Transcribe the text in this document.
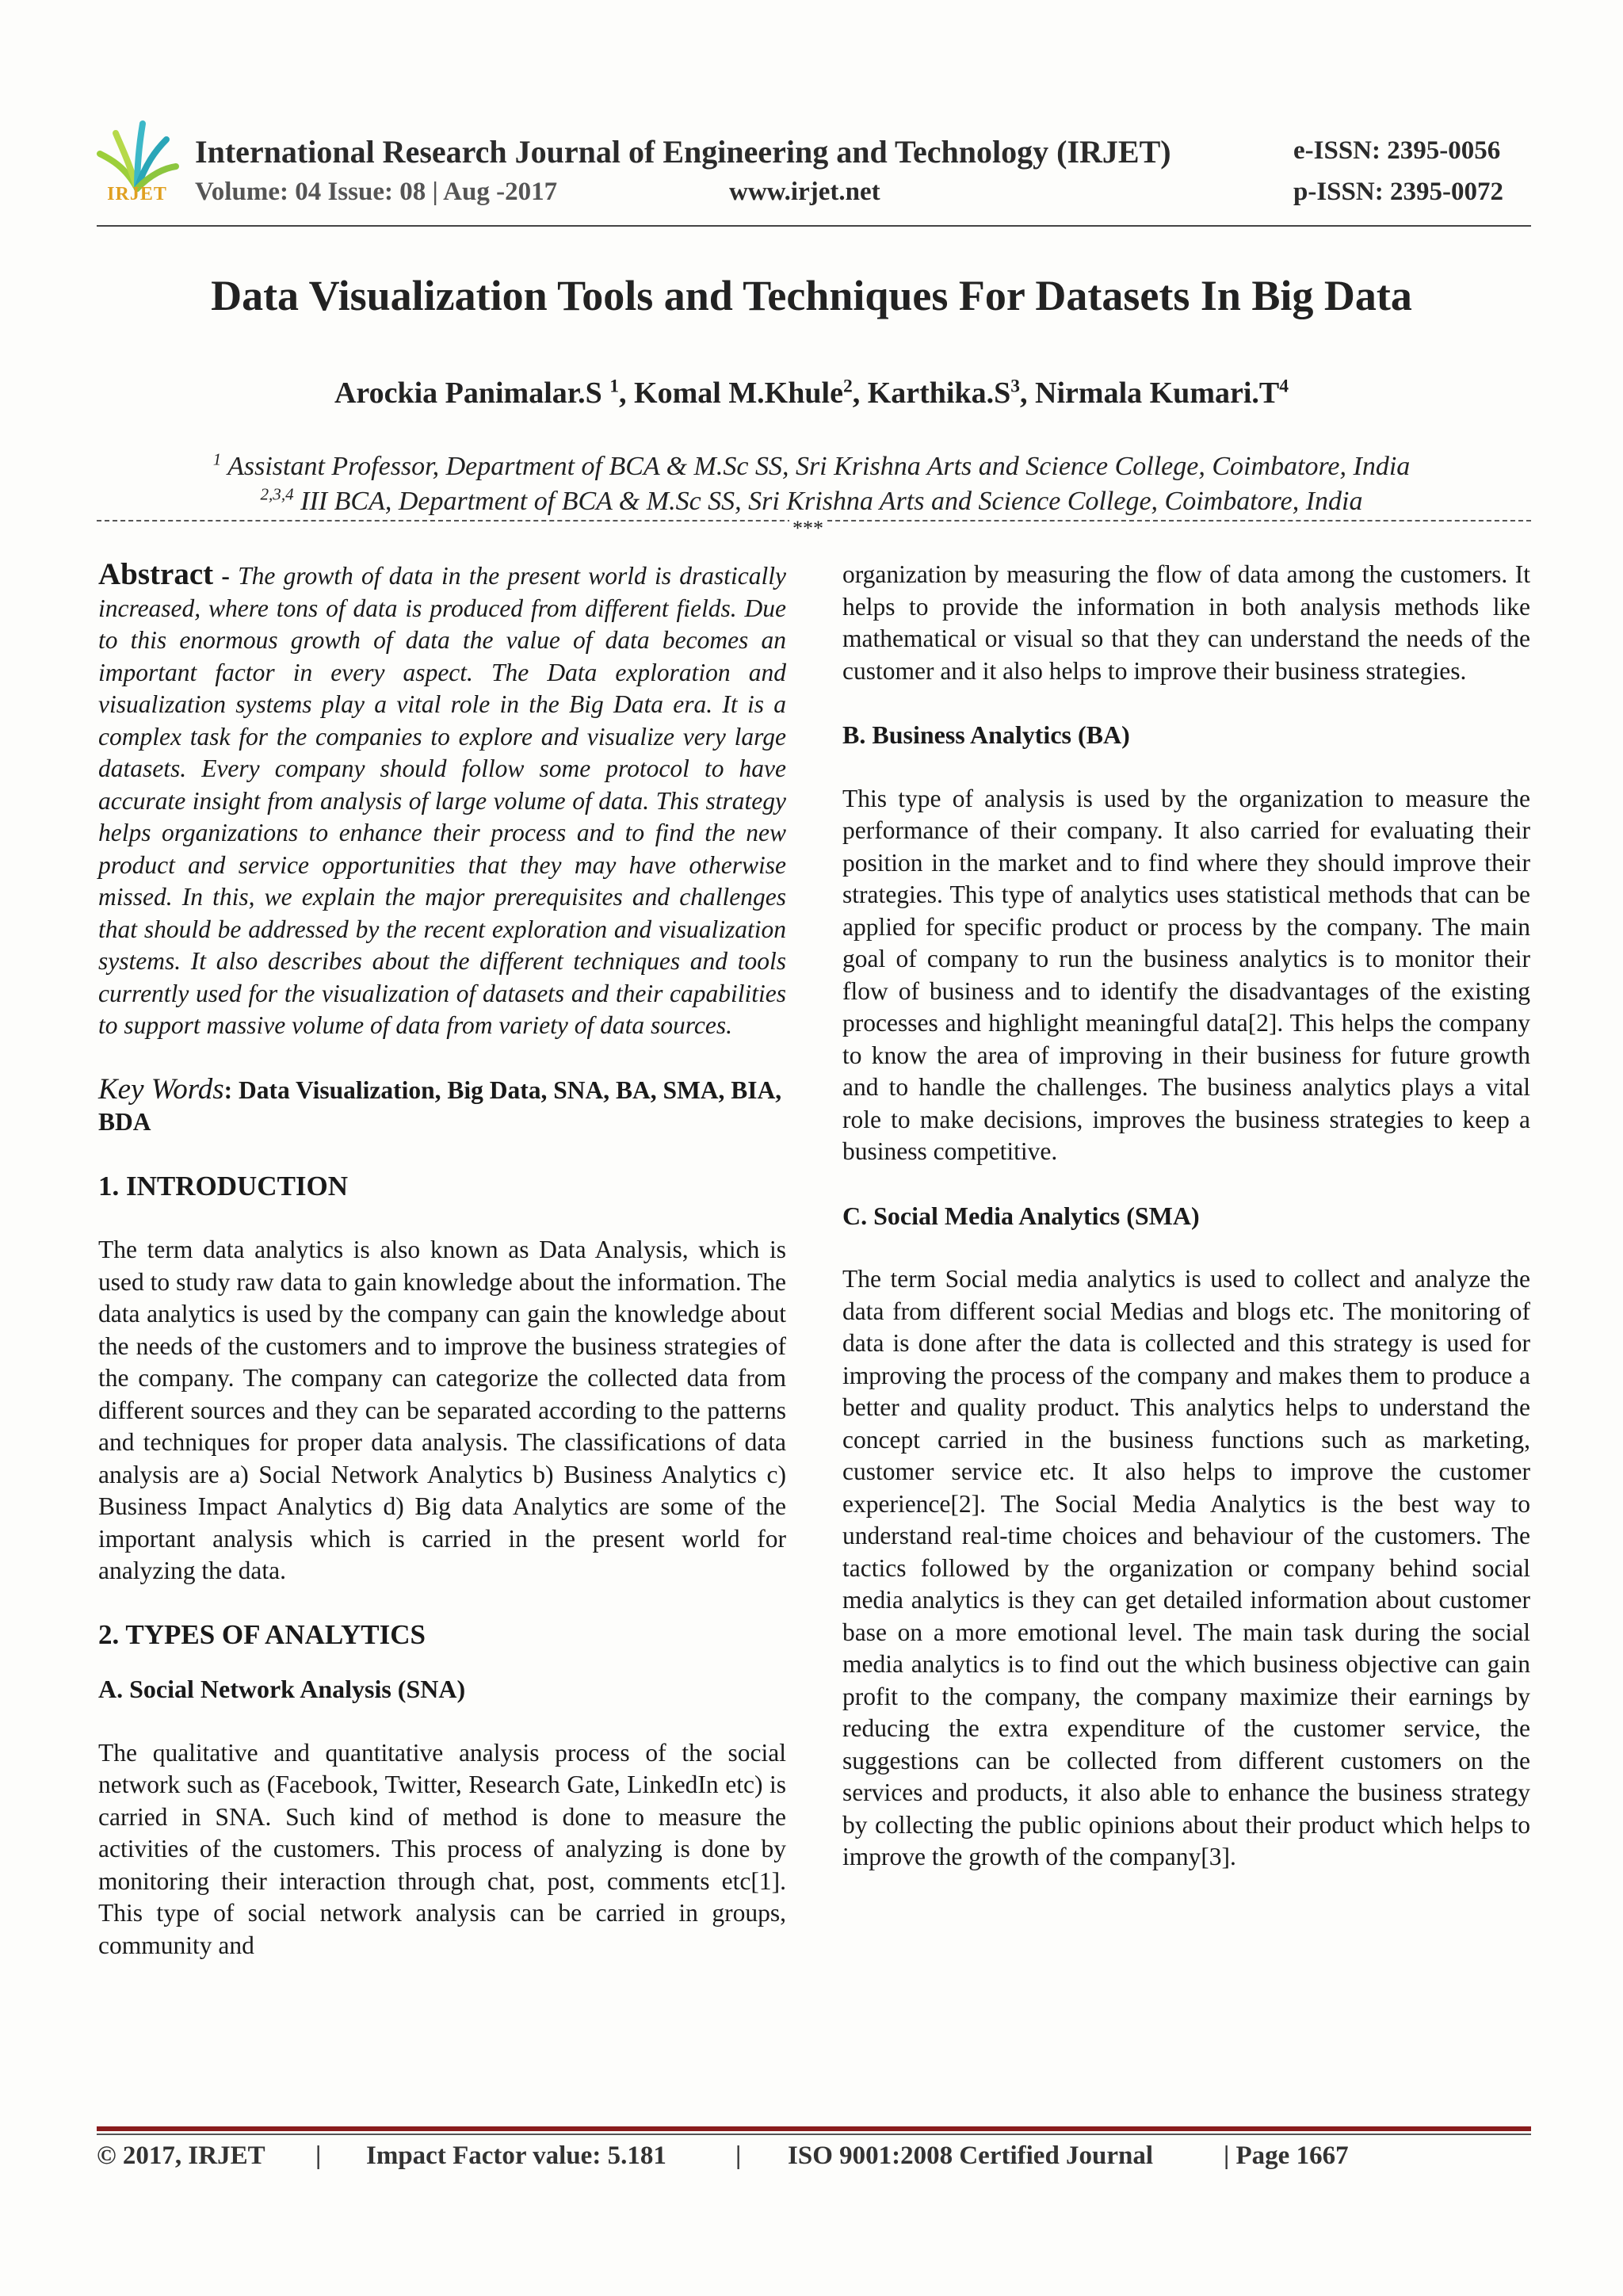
IRJET
International Research Journal of Engineering and Technology (IRJET)
Volume: 04 Issue: 08 | Aug -2017	www.irjet.net
e-ISSN: 2395-0056
p-ISSN: 2395-0072
Data Visualization Tools and Techniques For Datasets In Big Data
Arockia Panimalar.S $^1$, Komal M.Khule$^2$, $Karthika.S^3$, Nirmala $Kumari.T^4$
$^1$ Assistant Professor, Department of BCA & M.Sc SS, Sri Krishna Arts and Science College, Coimbatore, India
$^{2,3,4}$ III BCA, Department of BCA & M.Sc SS, Sri Krishna Arts and Science College, Coimbatore, India
***

Abstract - The growth of data in the present world is drastically increased, where tons of data is produced from different fields. Due to this enormous growth of data the value of data becomes an important factor in every aspect. The Data exploration and visualization systems play a vital role in the Big Data era. It is a complex task for the companies to explore and visualize very large datasets. Every company should follow some protocol to have accurate insight from analysis of large volume of data. This strategy helps organizations to enhance their process and to find the new product and service opportunities that they may have otherwise missed. In this, we explain the major prerequisites and challenges that should be addressed by the recent exploration and visualization systems. It also describes about the different techniques and tools currently used for the visualization of datasets and their capabilities to support massive volume of data from variety of data sources.

Key Words: Data Visualization, Big Data, SNA, BA, SMA, BIA, BDA

1. INTRODUCTION

The term data analytics is also known as Data Analysis, which is used to study raw data to gain knowledge about the information. The data analytics is used by the company can gain the knowledge about the needs of the customers and to improve the business strategies of the company. The company can categorize the collected data from different sources and they can be separated according to the patterns and techniques for proper data analysis. The classifications of data analysis are a) Social Network Analytics b) Business Analytics c) Business Impact Analytics d) Big data Analytics are some of the important analysis which is carried in the present world for analyzing the data.

2. TYPES OF ANALYTICS

A. Social Network Analysis (SNA)

The qualitative and quantitative analysis process of the social network such as (Facebook, Twitter, Research Gate, LinkedIn etc) is carried in SNA. Such kind of method is done to measure the activities of the customers. This process of analyzing is done by monitoring their interaction through chat, post, comments etc[1]. This type of social network analysis can be carried in groups, community and

organization by measuring the flow of data among the customers. It helps to provide the information in both analysis methods like mathematical or visual so that they can understand the needs of the customer and it also helps to improve their business strategies.

B. Business Analytics (BA)

This type of analysis is used by the organization to measure the performance of their company. It also carried for evaluating their position in the market and to find where they should improve their strategies. This type of analytics uses statistical methods that can be applied for specific product or process by the company. The main goal of company to run the business analytics is to monitor their flow of business and to identify the disadvantages of the existing processes and highlight meaningful data[2]. This helps the company to know the area of improving in their business for future growth and to handle the challenges. The business analytics plays a vital role to make decisions, improves the business strategies to keep a business competitive.

C. Social Media Analytics (SMA)

The term Social media analytics is used to collect and analyze the data from different social Medias and blogs etc. The monitoring of data is done after the data is collected and this strategy is used for improving the process of the company and makes them to produce a better and quality product. This analytics helps to understand the concept carried in the business functions such as marketing, customer service etc. It also helps to improve the customer experience[2]. The Social Media Analytics is the best way to understand real-time choices and behaviour of the customers. The tactics followed by the organization or company behind social media analytics is they can get detailed information about customer base on a more emotional level. The main task during the social media analytics is to find out the which business objective can gain profit to the company, the company maximize their earnings by reducing the extra expenditure of the customer service, the suggestions can be collected from different customers on the services and products, it also able to enhance the business strategy by collecting the public opinions about their product which helps to improve the growth of the company[3].

© 2017, IRJET | Impact Factor value: 5.181	| ISO 9001:2008 Certified Journal	| Page 1667
